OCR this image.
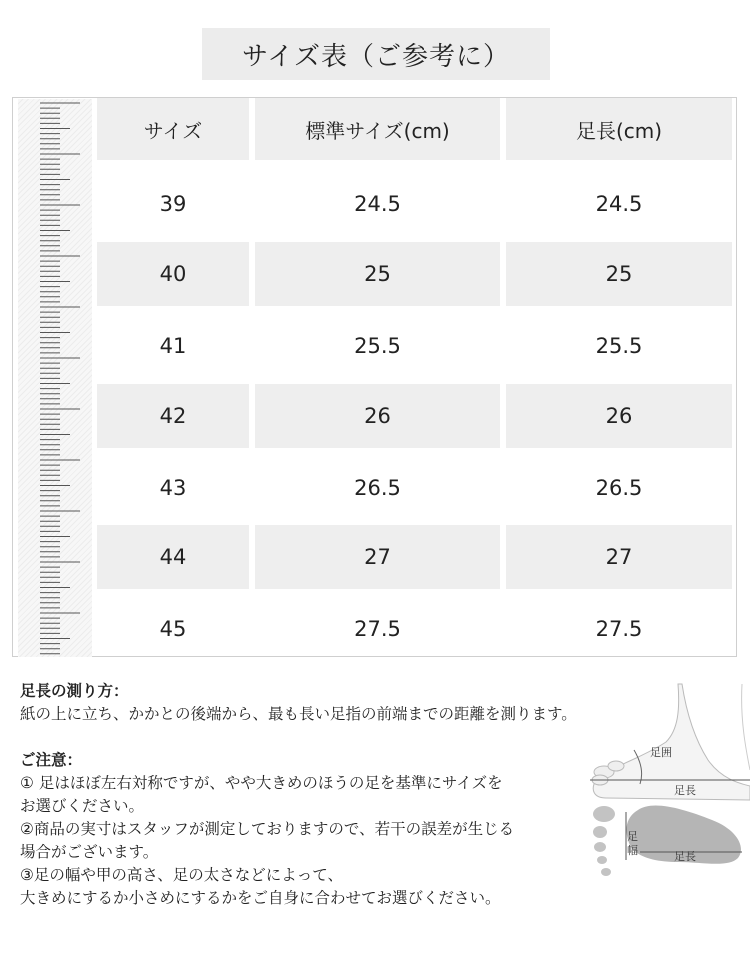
サイズ表（ご参考に）
サイズ	標準サイズ(cm)	足長(cm)
39	24.5	24.5
40	25	25
41	25.5	25.5
42	26	26
43	26.5	26.5
44	27	27
45	27.5	27.5

足長の測り方：

紙の上に立ち、かかとの後端から、最も長い足指の前端までの距離を測ります。

ご注意：

① 足はほぼ左右対称ですが、やや大きめのほうの足を基準にサイズを

お選びください。

②商品の実寸はスタッフが測定しておりますので、若干の誤差が生じる

場合がございます。

③足の幅や甲の高さ、足の太さなどによって、

大きめにするか小さめにするかをご自身に合わせてお選びください。

足囲
足長
足
幅	足長
